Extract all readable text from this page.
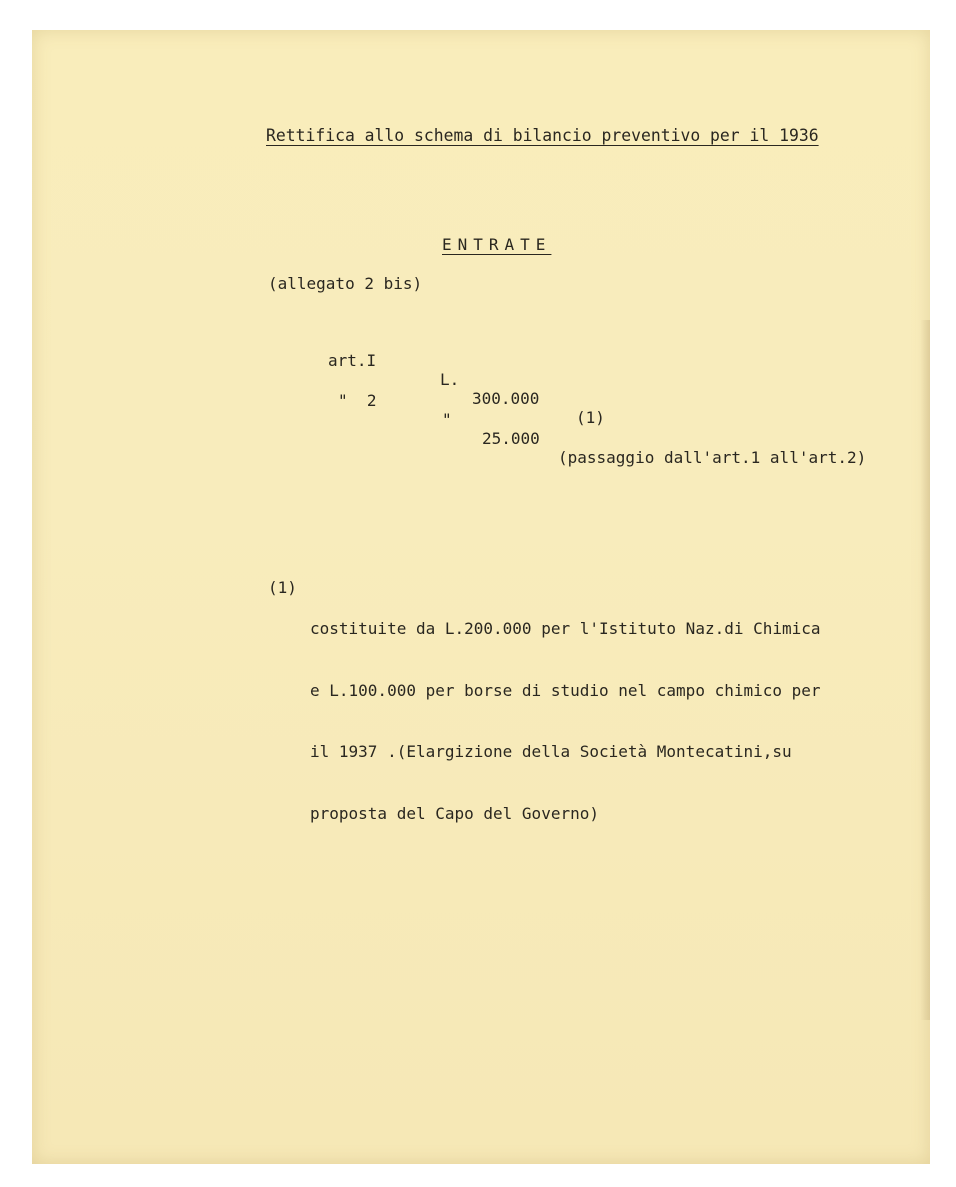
Rettifica allo schema di bilancio preventivo per il 1936
ENTRATE
(allegato 2 bis)

art.I

L.

300.000

(1)

"  2

"

25.000

(passaggio dall'art.1 all'art.2)

(1)

costituite da L.200.000 per l'Istituto Naz.di Chimica

e L.100.000 per borse di studio nel campo chimico per

il 1937 .(Elargizione della Società Montecatini,su

proposta del Capo del Governo)
